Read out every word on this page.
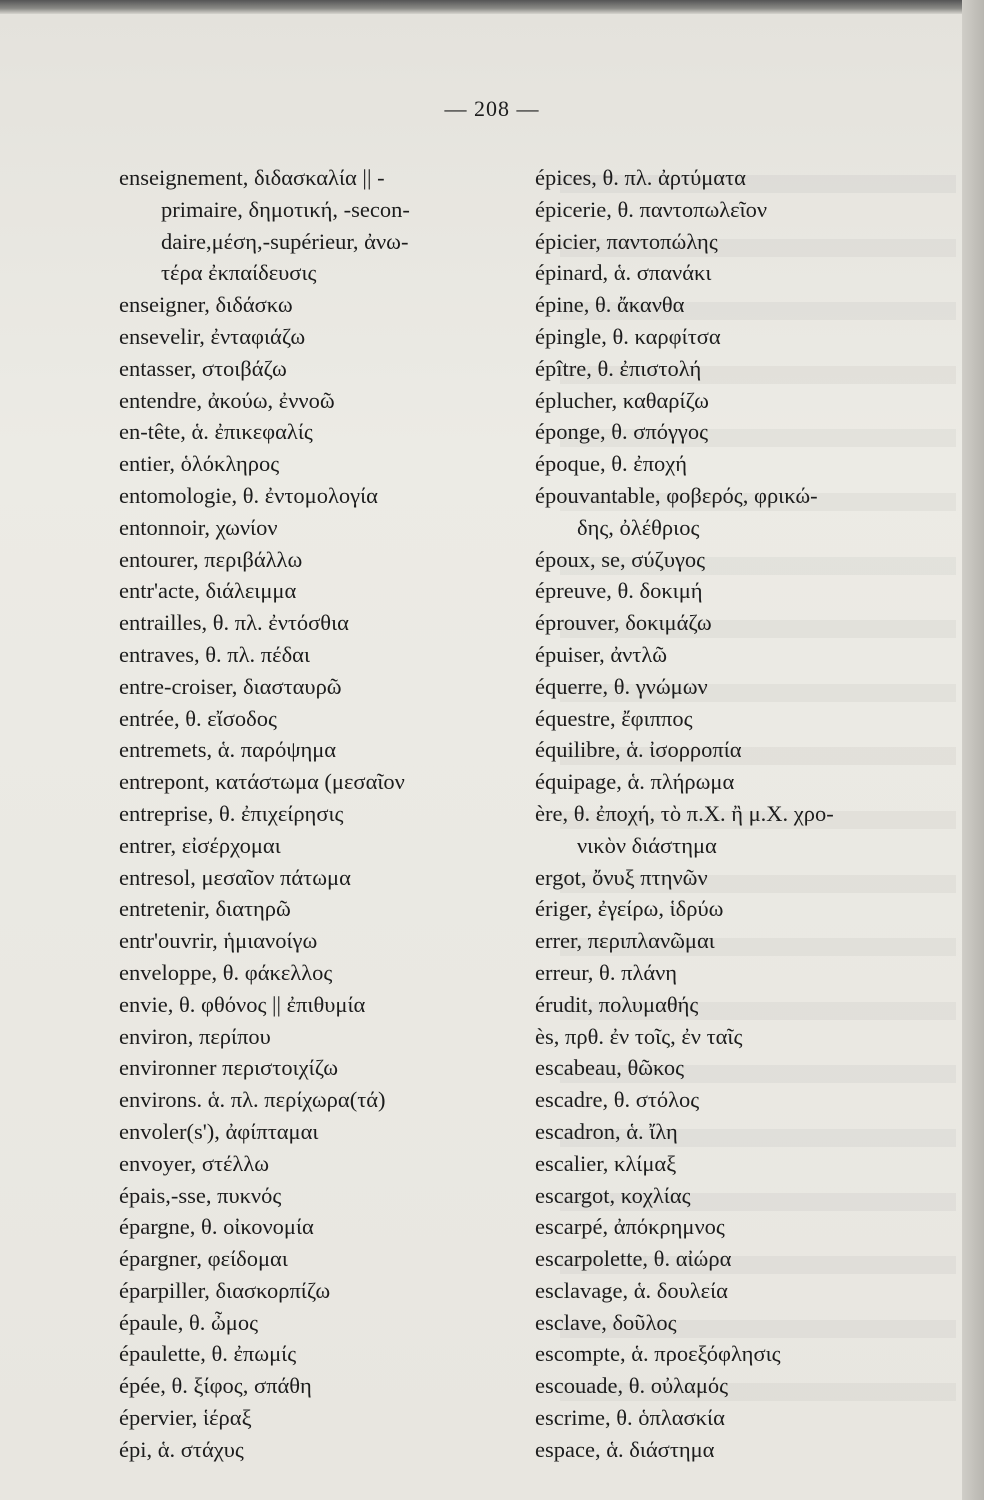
— 208 —
enseignement, διδασκαλία || -
primaire, δημοτική, -secon-
daire,μέση,-supérieur, ἀνω-
τέρα ἐκπαίδευσις
enseigner, διδάσκω
ensevelir, ἐνταφιάζω
entasser, στοιβάζω
entendre, ἀκούω, ἐννοῶ
en-tête, ἁ. ἐπικεφαλίς
entier, ὁλόκληρος
entomologie, θ. ἐντομολογία
entonnoir, χωνίον
entourer, περιβάλλω
entr'acte, διάλειμμα
entrailles, θ. πλ. ἐντόσθια
entraves, θ. πλ. πέδαι
entre-croiser, διασταυρῶ
entrée, θ. εἴσοδος
entremets, ἁ. παρόψημα
entrepont, κατάστωμα (μεσαῖον
entreprise, θ. ἐπιχείρησις
entrer, εἰσέρχομαι
entresol, μεσαῖον πάτωμα
entretenir, διατηρῶ
entr'ouvrir, ἡμιανοίγω
enveloppe, θ. φάκελλος
envie, θ. φθόνος || ἐπιθυμία
environ, περίπου
environner περιστοιχίζω
environs. ἁ. πλ. περίχωρα(τά)
envoler(s'), ἀφίπταμαι
envoyer, στέλλω
épais,-sse, πυκνός
épargne, θ. οἰκονομία
épargner, φείδομαι
éparpiller, διασκορπίζω
épaule, θ. ὦμος
épaulette, θ. ἐπωμίς
épée, θ. ξίφος, σπάθη
épervier, ἱέραξ
épi, ἁ. στάχυς
épices, θ. πλ. ἀρτύματα
épicerie, θ. παντοπωλεῖον
épicier, παντοπώλης
épinard, ἁ. σπανάκι
épine, θ. ἄκανθα
épingle, θ. καρφίτσα
épître, θ. ἐπιστολή
éplucher, καθαρίζω
éponge, θ. σπόγγος
époque, θ. ἐποχή
épouvantable, φοβερός, φρικώ-
δης, ὀλέθριος
époux, se, σύζυγος
épreuve, θ. δοκιμή
éprouver, δοκιμάζω
épuiser, ἀντλῶ
équerre, θ. γνώμων
équestre, ἔφιππος
équilibre, ἁ. ἰσορροπία
équipage, ἁ. πλήρωμα
ère, θ. ἐποχή, τὸ π.Χ. ἢ μ.Χ. χρο-
νικὸν διάστημα
ergot, ὄνυξ πτηνῶν
ériger, ἐγείρω, ἱδρύω
errer, περιπλανῶμαι
erreur, θ. πλάνη
érudit, πολυμαθής
ès, πρθ. ἐν τοῖς, ἐν ταῖς
escabeau, θῶκος
escadre, θ. στόλος
escadron, ἁ. ἴλη
escalier, κλίμαξ
escargot, κοχλίας
escarpé, ἀπόκρημνος
escarpolette, θ. αἰώρα
esclavage, ἁ. δουλεία
esclave, δοῦλος
escompte, ἁ. προεξόφλησις
escouade, θ. οὐλαμός
escrime, θ. ὁπλασκία
espace, ἁ. διάστημα
